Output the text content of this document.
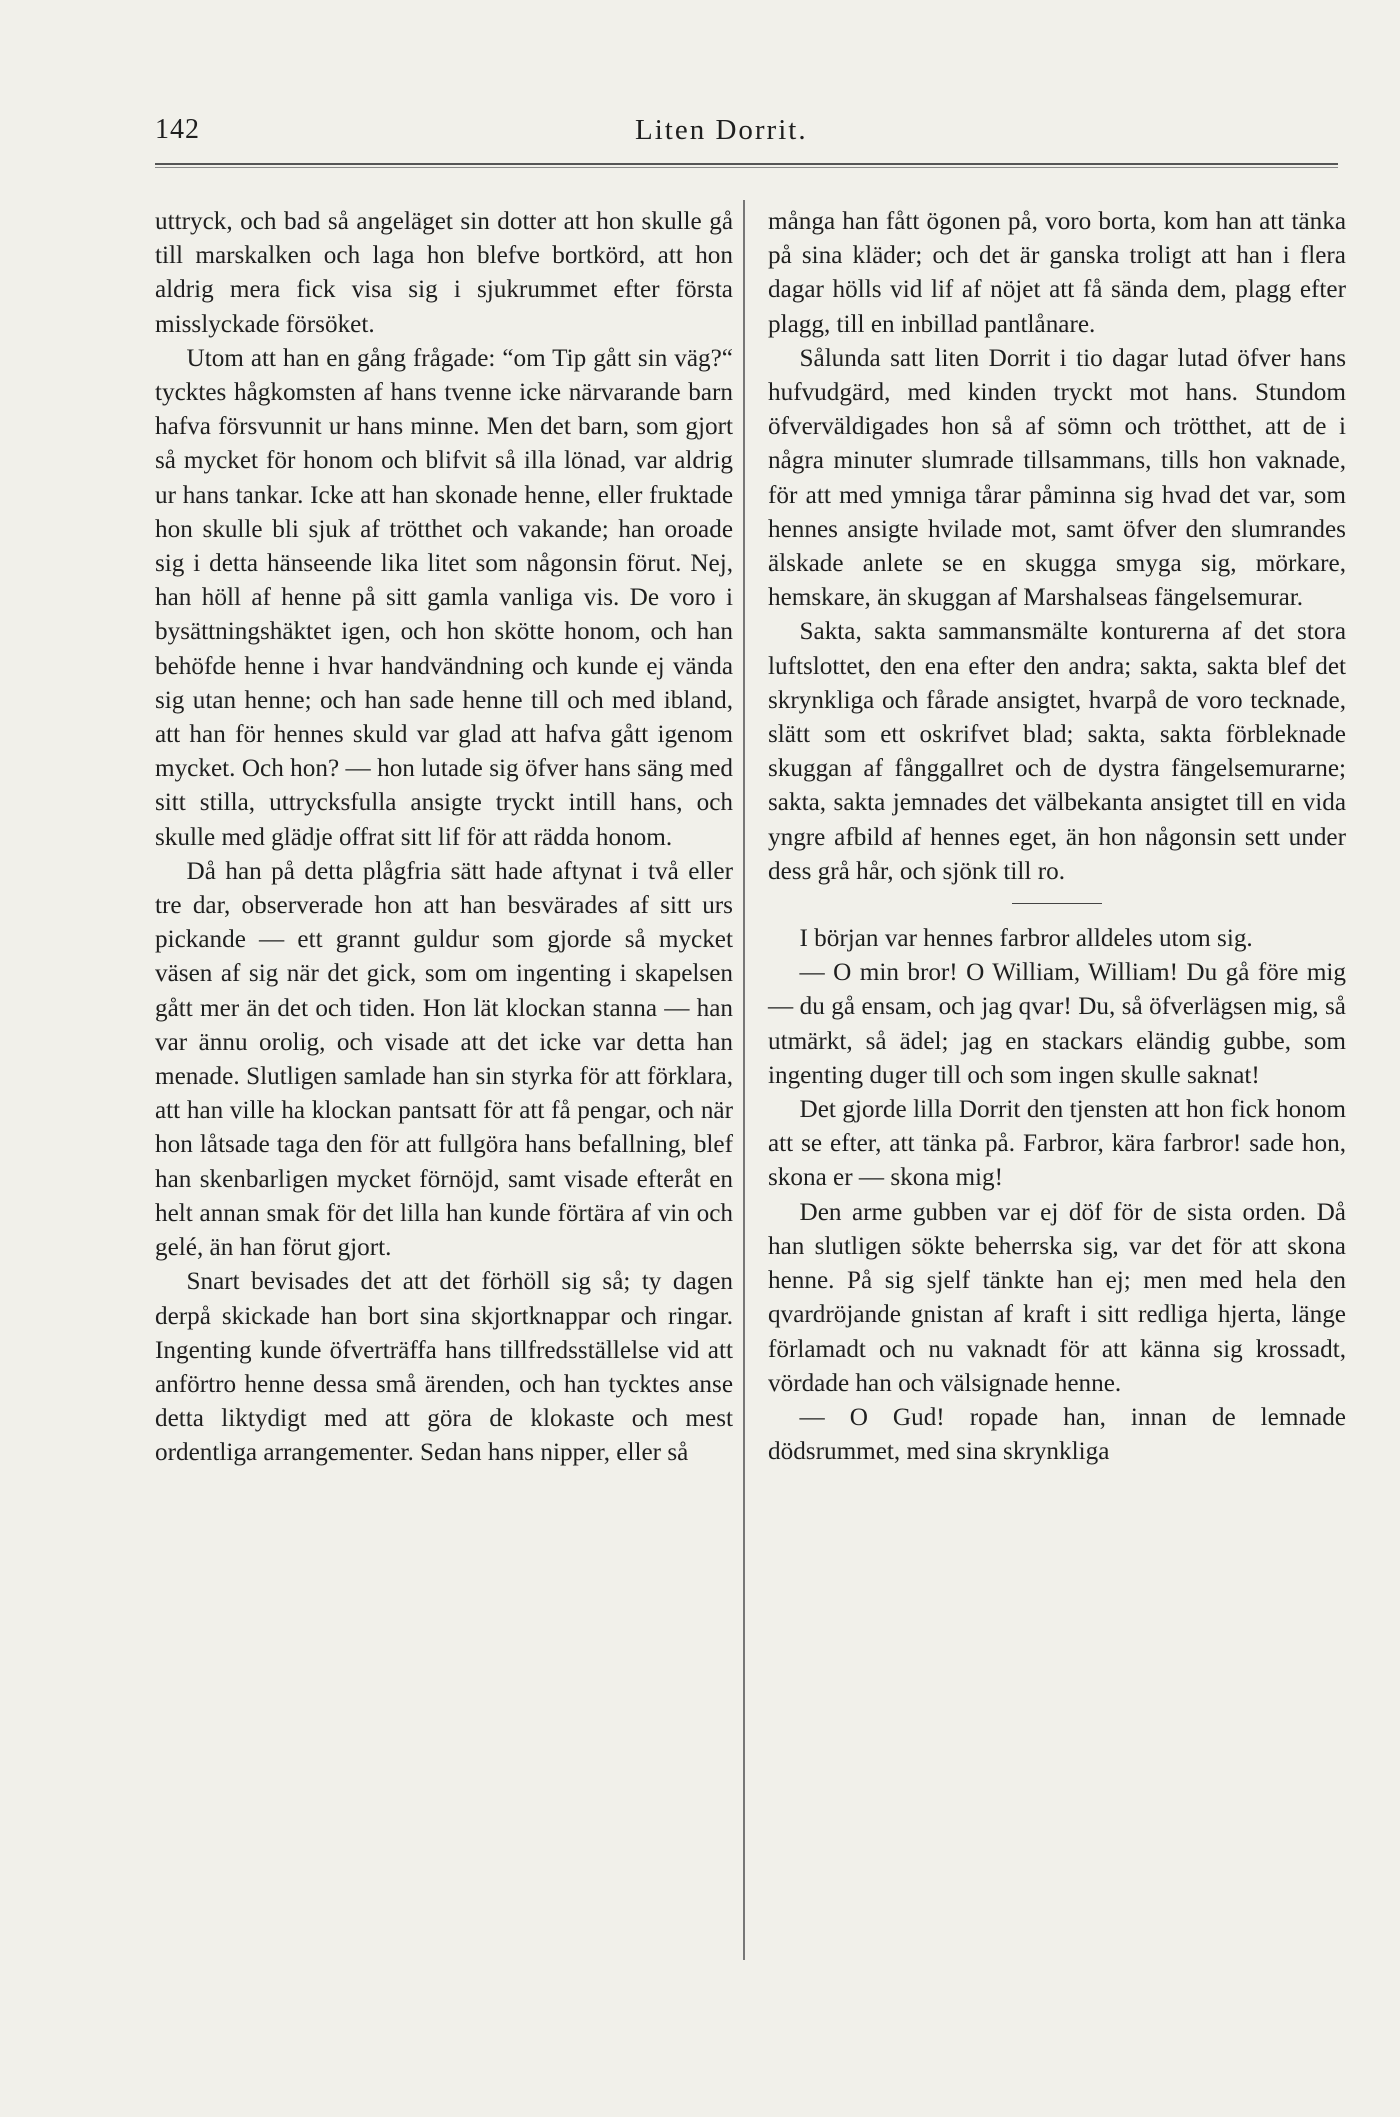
142	Liten Dorrit.

uttryck, och bad så angeläget sin dotter att hon skulle gå till marskalken och laga hon blefve bortkörd, att hon aldrig mera fick visa sig i sjukrummet efter första misslyckade försöket.

Utom att han en gång frågade: “om Tip gått sin väg?“ tycktes hågkomsten af hans tvenne icke närvarande barn hafva försvunnit ur hans minne. Men det barn, som gjort så mycket för honom och blifvit så illa lönad, var aldrig ur hans tankar. Icke att han skonade henne, eller fruktade hon skulle bli sjuk af trötthet och vakande; han oroade sig i detta hänseende lika litet som någonsin förut. Nej, han höll af henne på sitt gamla vanliga vis. De voro i bysättningshäktet igen, och hon skötte honom, och han behöfde henne i hvar handvändning och kunde ej vända sig utan henne; och han sade henne till och med ibland, att han för hennes skuld var glad att hafva gått igenom mycket. Och hon? — hon lutade sig öfver hans säng med sitt stilla, uttrycksfulla ansigte tryckt intill hans, och skulle med glädje offrat sitt lif för att rädda honom.

Då han på detta plågfria sätt hade aftynat i två eller tre dar, observerade hon att han besvärades af sitt urs pickande — ett grannt guldur som gjorde så mycket väsen af sig när det gick, som om ingenting i skapelsen gått mer än det och tiden. Hon lät klockan stanna — han var ännu orolig, och visade att det icke var detta han menade. Slutligen samlade han sin styrka för att förklara, att han ville ha klockan pantsatt för att få pengar, och när hon låtsade taga den för att fullgöra hans befallning, blef han skenbarligen mycket förnöjd, samt visade efteråt en helt annan smak för det lilla han kunde förtära af vin och gelé, än han förut gjort.

Snart bevisades det att det förhöll sig så; ty dagen derpå skickade han bort sina skjortknappar och ringar. Ingenting kunde öfverträffa hans tillfredsställelse vid att anförtro henne dessa små ärenden, och han tycktes anse detta liktydigt med att göra de klokaste och mest ordentliga arrangementer. Sedan hans nipper, eller så

många han fått ögonen på, voro borta, kom han att tänka på sina kläder; och det är ganska troligt att han i flera dagar hölls vid lif af nöjet att få sända dem, plagg efter plagg, till en inbillad pantlånare.

Sålunda satt liten Dorrit i tio dagar lutad öfver hans hufvudgärd, med kinden tryckt mot hans. Stundom öfverväldigades hon så af sömn och trötthet, att de i några minuter slumrade tillsammans, tills hon vaknade, för att med ymniga tårar påminna sig hvad det var, som hennes ansigte hvilade mot, samt öfver den slumrandes älskade anlete se en skugga smyga sig, mörkare, hemskare, än skuggan af Marshalseas fängelsemurar.

Sakta, sakta sammansmälte konturerna af det stora luftslottet, den ena efter den andra; sakta, sakta blef det skrynkliga och fårade ansigtet, hvarpå de voro tecknade, slätt som ett oskrifvet blad; sakta, sakta förbleknade skuggan af fånggallret och de dystra fängelsemurarne; sakta, sakta jemnades det välbekanta ansigtet till en vida yngre afbild af hennes eget, än hon någonsin sett under dess grå hår, och sjönk till ro.

I början var hennes farbror alldeles utom sig.

— O min bror! O William, William! Du gå före mig — du gå ensam, och jag qvar! Du, så öfverlägsen mig, så utmärkt, så ädel; jag en stackars eländig gubbe, som ingenting duger till och som ingen skulle saknat!

Det gjorde lilla Dorrit den tjensten att hon fick honom att se efter, att tänka på. Farbror, kära farbror! sade hon, skona er — skona mig!

Den arme gubben var ej döf för de sista orden. Då han slutligen sökte beherrska sig, var det för att skona henne. På sig sjelf tänkte han ej; men med hela den qvardröjande gnistan af kraft i sitt redliga hjerta, länge förlamadt och nu vaknadt för att känna sig krossadt, vördade han och välsignade henne.

— O Gud! ropade han, innan de lemnade dödsrummet, med sina skrynkliga
